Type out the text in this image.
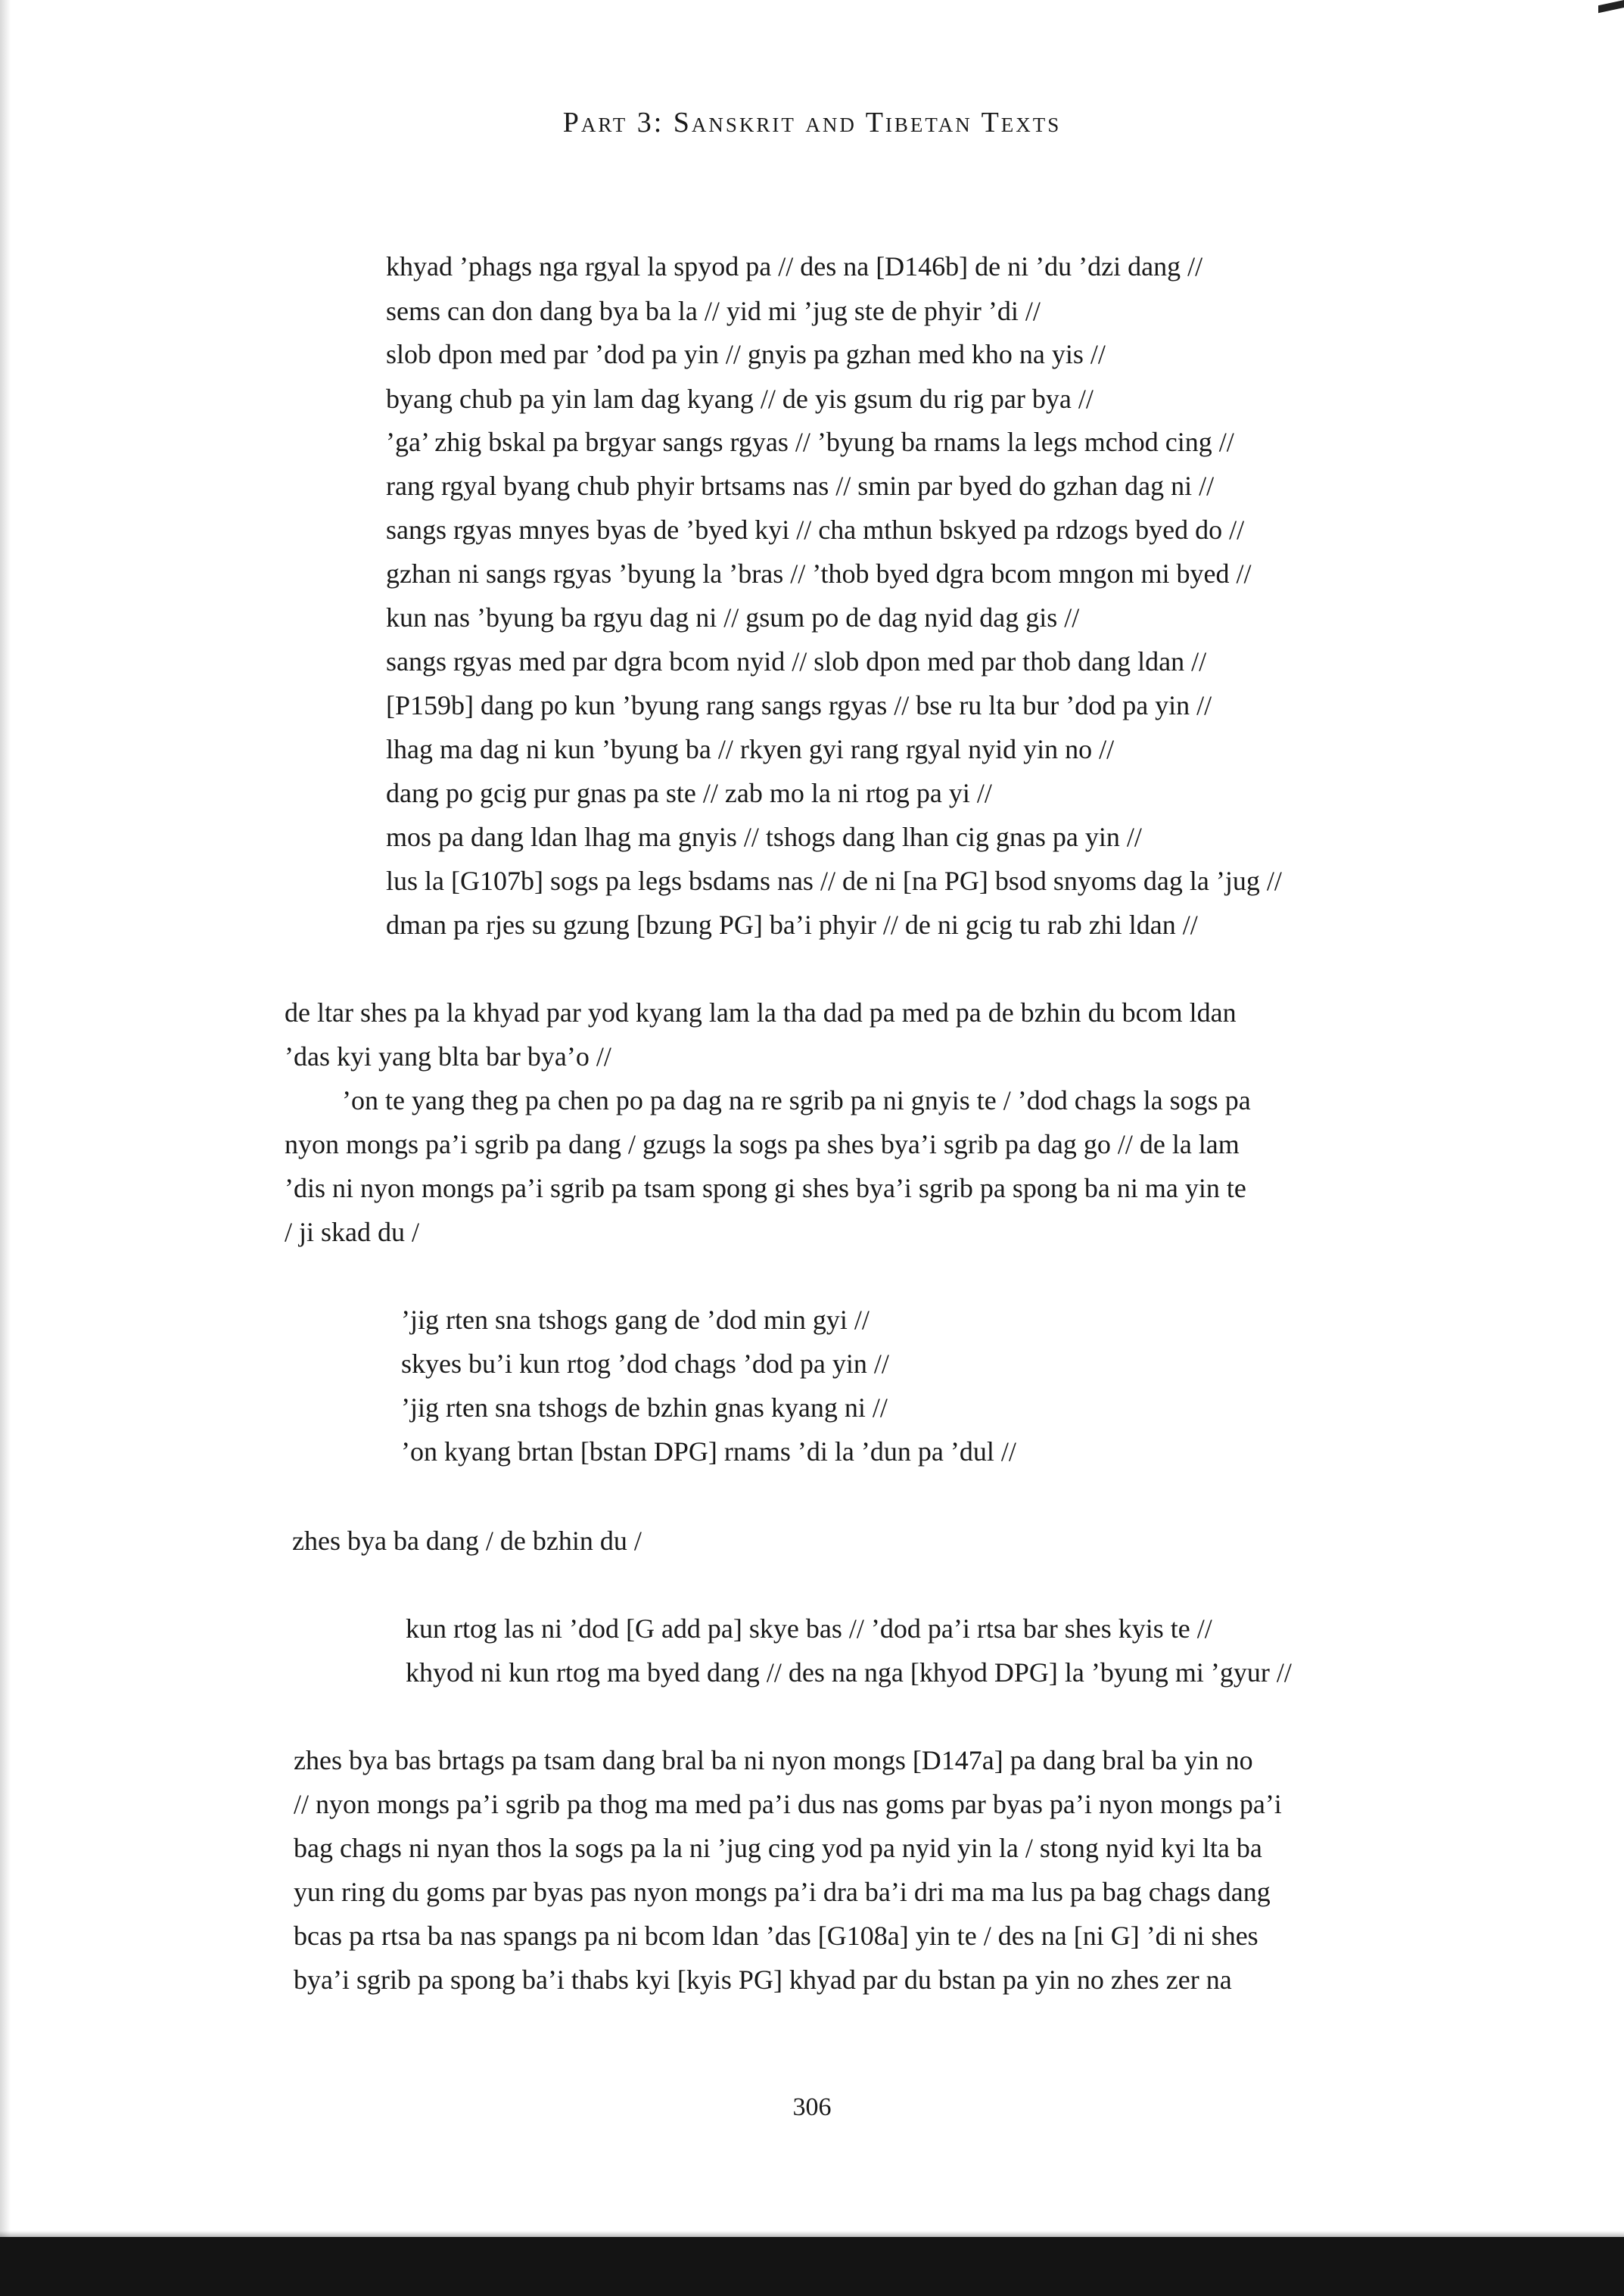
Part 3: Sanskrit and Tibetan Texts
khyad ’phags nga rgyal la spyod pa // des na [D146b] de ni ’du ’dzi dang //
sems can don dang bya ba la // yid mi ’jug ste de phyir ’di //
slob dpon med par ’dod pa yin // gnyis pa gzhan med kho na yis //
byang chub pa yin lam dag kyang // de yis gsum du rig par bya //
’ga’ zhig bskal pa brgyar sangs rgyas // ’byung ba rnams la legs mchod cing //
rang rgyal byang chub phyir brtsams nas // smin par byed do gzhan dag ni //
sangs rgyas mnyes byas de ’byed kyi // cha mthun bskyed pa rdzogs byed do //
gzhan ni sangs rgyas ’byung la ’bras // ’thob byed dgra bcom mngon mi byed //
kun nas ’byung ba rgyu dag ni // gsum po de dag nyid dag gis //
sangs rgyas med par dgra bcom nyid // slob dpon med par thob dang ldan //
[P159b] dang po kun ’byung rang sangs rgyas // bse ru lta bur ’dod pa yin //
lhag ma dag ni kun ’byung ba // rkyen gyi rang rgyal nyid yin no //
dang po gcig pur gnas pa ste // zab mo la ni rtog pa yi //
mos pa dang ldan lhag ma gnyis // tshogs dang lhan cig gnas pa yin //
lus la [G107b] sogs pa legs bsdams nas // de ni [na PG] bsod snyoms dag la ’jug //
dman pa rjes su gzung [bzung PG] ba’i phyir // de ni gcig tu rab zhi ldan //
de ltar shes pa la khyad par yod kyang lam la tha dad pa med pa de bzhin du bcom ldan
’das kyi yang blta bar bya’o //
’on te yang theg pa chen po pa dag na re sgrib pa ni gnyis te / ’dod chags la sogs pa
nyon mongs pa’i sgrib pa dang / gzugs la sogs pa shes bya’i sgrib pa dag go // de la lam
’dis ni nyon mongs pa’i sgrib pa tsam spong gi shes bya’i sgrib pa spong ba ni ma yin te
/ ji skad du /
’jig rten sna tshogs gang de ’dod min gyi //
skyes bu’i kun rtog ’dod chags ’dod pa yin //
’jig rten sna tshogs de bzhin gnas kyang ni //
’on kyang brtan [bstan DPG] rnams ’di la ’dun pa ’dul //
zhes bya ba dang / de bzhin du /
kun rtog las ni ’dod [G add pa] skye bas // ’dod pa’i rtsa bar shes kyis te //
khyod ni kun rtog ma byed dang // des na nga [khyod DPG] la ’byung mi ’gyur //
zhes bya bas brtags pa tsam dang bral ba ni nyon mongs [D147a] pa dang bral ba yin no
// nyon mongs pa’i sgrib pa thog ma med pa’i dus nas goms par byas pa’i nyon mongs pa’i
bag chags ni nyan thos la sogs pa la ni ’jug cing yod pa nyid yin la / stong nyid kyi lta ba
yun ring du goms par byas pas nyon mongs pa’i dra ba’i dri ma ma lus pa bag chags dang
bcas pa rtsa ba nas spangs pa ni bcom ldan ’das [G108a] yin te / des na [ni G] ’di ni shes
bya’i sgrib pa spong ba’i thabs kyi [kyis PG] khyad par du bstan pa yin no zhes zer na
306
